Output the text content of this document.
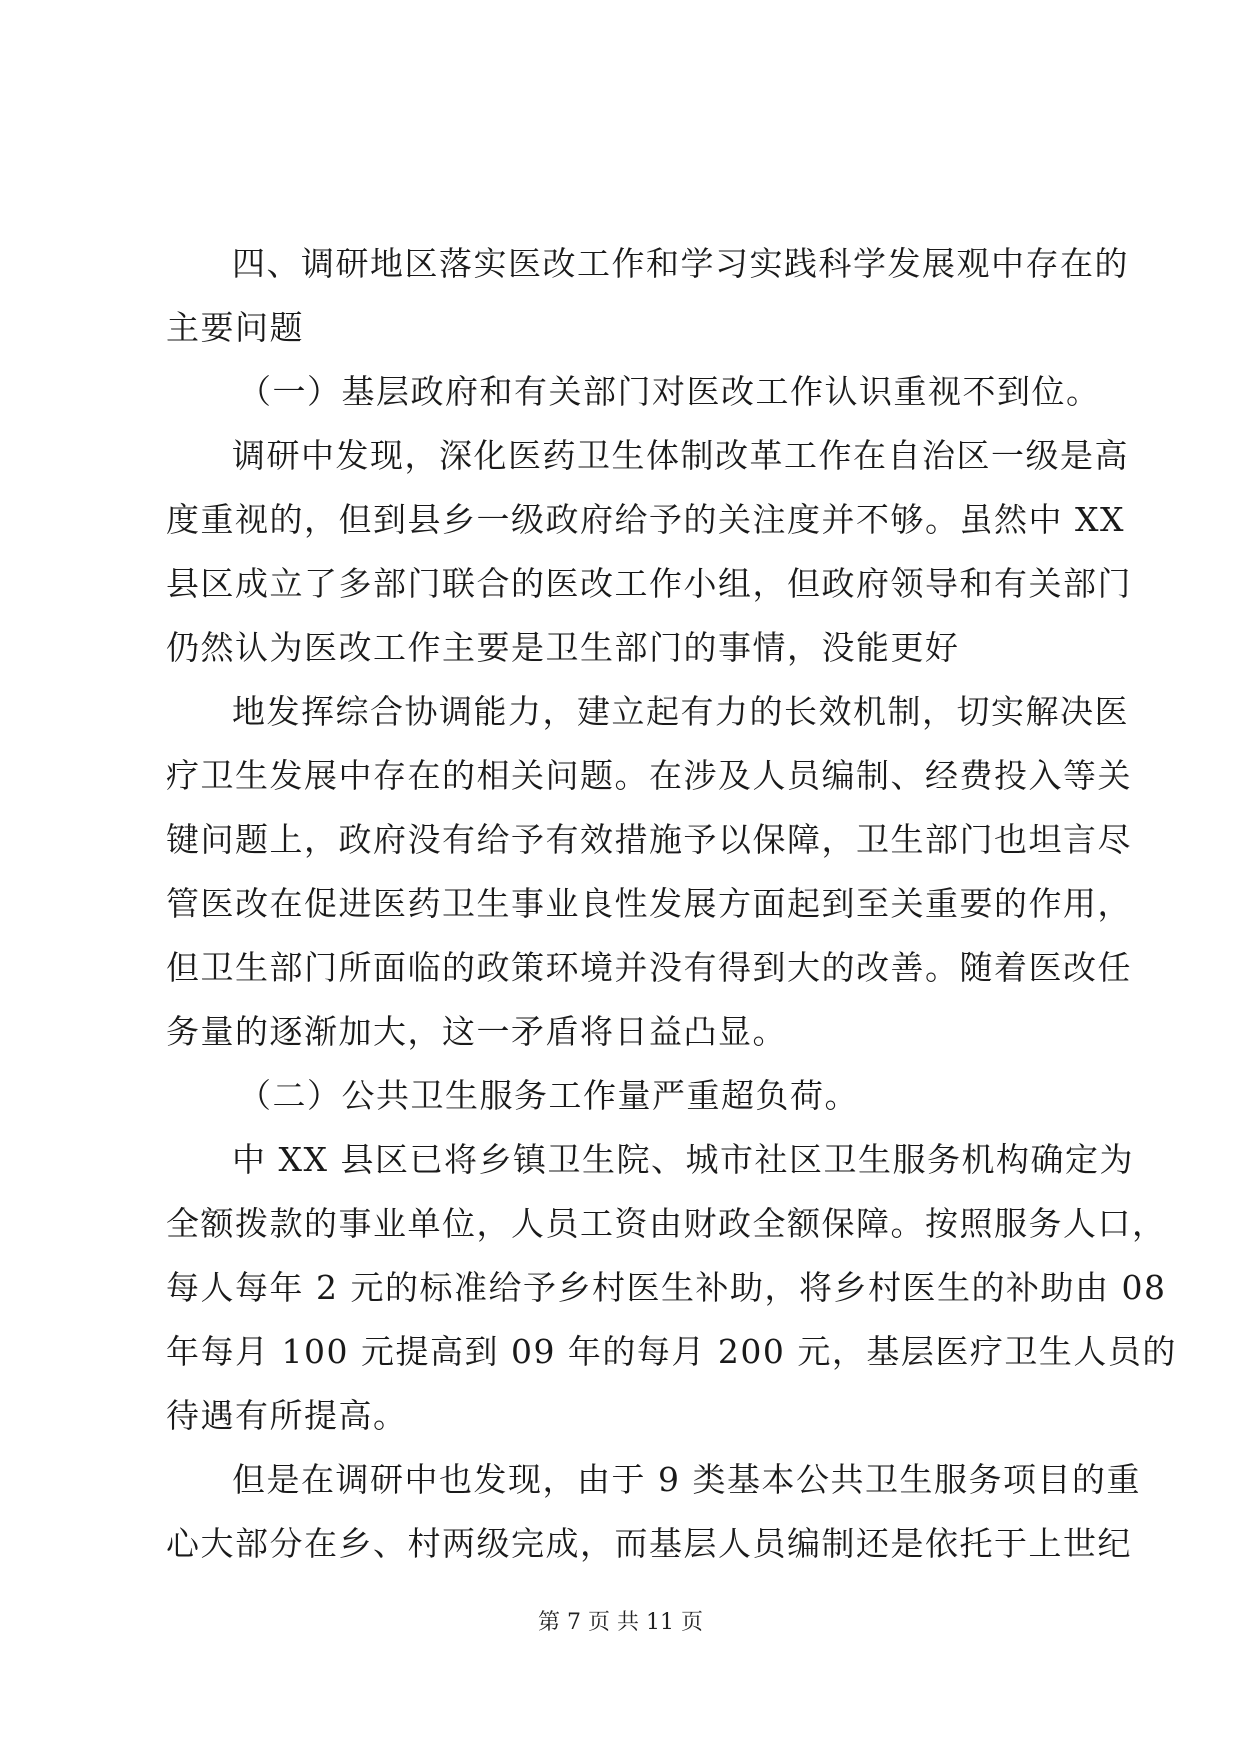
四、调研地区落实医改工作和学习实践科学发展观中存在的
主要问题
（一）基层政府和有关部门对医改工作认识重视不到位。
调研中发现，深化医药卫生体制改革工作在自治区一级是高
度重视的，但到县乡一级政府给予的关注度并不够。虽然中 XX
县区成立了多部门联合的医改工作小组，但政府领导和有关部门
仍然认为医改工作主要是卫生部门的事情，没能更好
地发挥综合协调能力，建立起有力的长效机制，切实解决医
疗卫生发展中存在的相关问题。在涉及人员编制、经费投入等关
键问题上，政府没有给予有效措施予以保障，卫生部门也坦言尽
管医改在促进医药卫生事业良性发展方面起到至关重要的作用，
但卫生部门所面临的政策环境并没有得到大的改善。随着医改任
务量的逐渐加大，这一矛盾将日益凸显。
（二）公共卫生服务工作量严重超负荷。
中 XX 县区已将乡镇卫生院、城市社区卫生服务机构确定为
全额拨款的事业单位，人员工资由财政全额保障。按照服务人口，
每人每年 2 元的标准给予乡村医生补助，将乡村医生的补助由 08
年每月 100 元提高到 09 年的每月 200 元，基层医疗卫生人员的
待遇有所提高。
但是在调研中也发现，由于 9 类基本公共卫生服务项目的重
心大部分在乡、村两级完成，而基层人员编制还是依托于上世纪
第 7 页 共 11 页
